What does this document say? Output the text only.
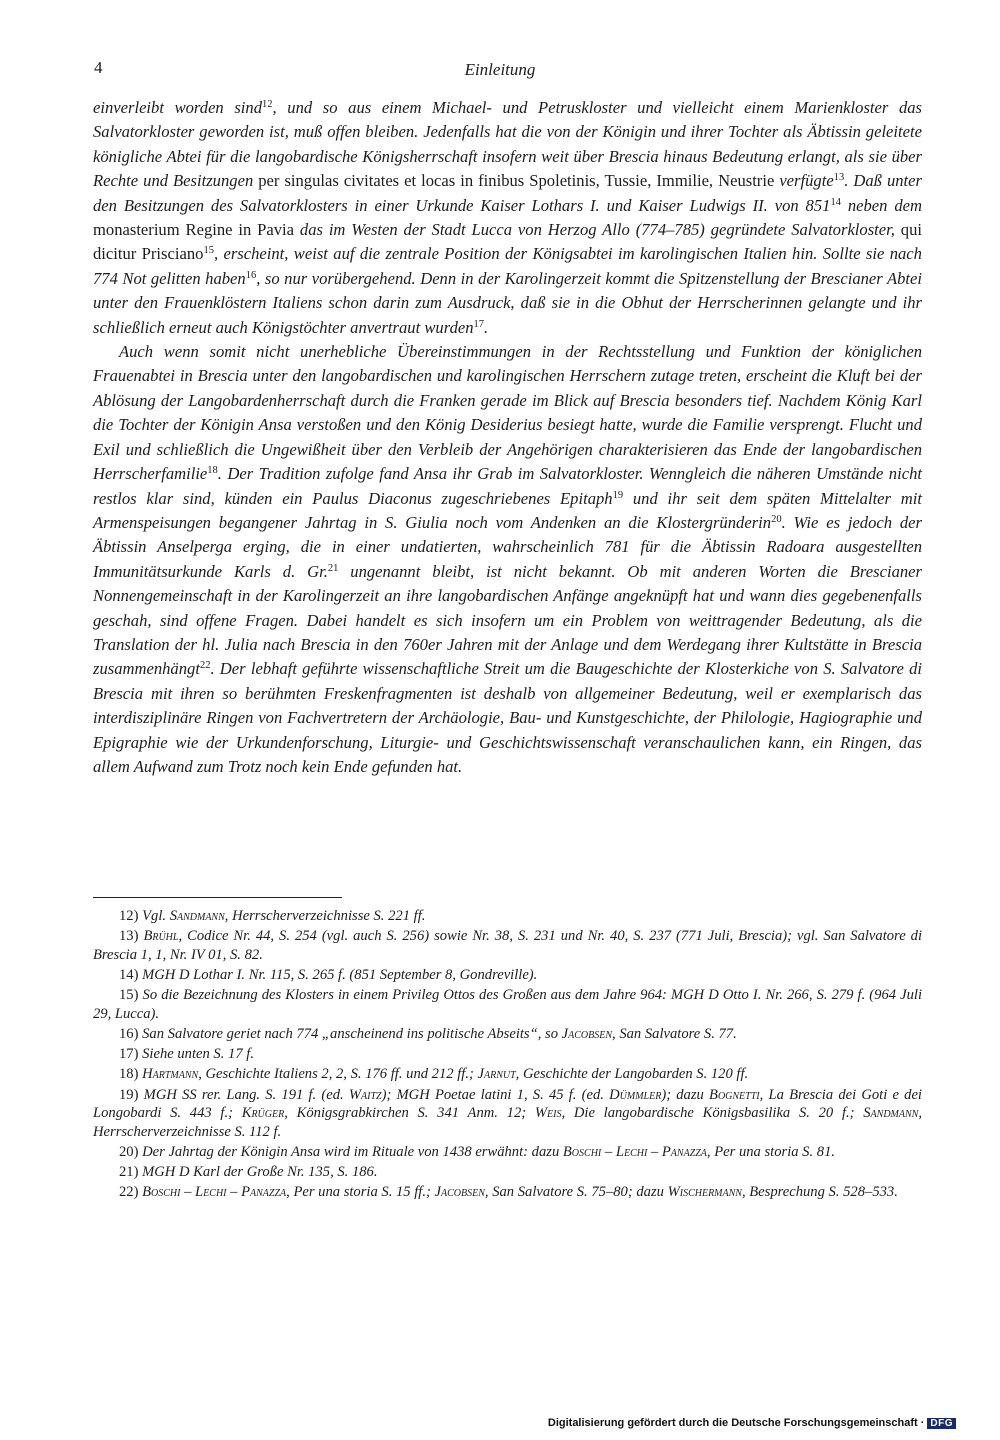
4	Einleitung

einverleibt worden sind$^{12}$, und so aus einem Michael- und Petruskloster und vielleicht einem Marienkloster das Salvatorkloster geworden ist, muß offen bleiben. Jedenfalls hat die von der Königin und ihrer Tochter als Äbtissin geleitete königliche Abtei für die langobardische Königsherrschaft insofern weit über Brescia hinaus Bedeutung erlangt, als sie über Rechte und Besitzungen per singulas civitates et locas in finibus Spoletinis, Tussie, Immilie, Neustrie verfügte$^{13}$. Daß unter den Besitzungen des Salvatorklosters in einer Urkunde Kaiser Lothars I. und Kaiser Ludwigs II. von $851^{14}$ neben dem monasterium Regine in Pavia das im Westen der Stadt Lucca von Herzog Allo (774–785) gegründete Salvatorkloster, qui dicitur Prisciano$^{15}$, erscheint, weist auf die zentrale Position der Königsabtei im karolingischen Italien hin. Sollte sie nach 774 Not gelitten haben$^{16}$, so nur vorübergehend. Denn in der Karolingerzeit kommt die Spitzenstellung der Brescianer Abtei unter den Frauenklöstern Italiens schon darin zum Ausdruck, daß sie in die Obhut der Herrscherinnen gelangte und ihr schließlich erneut auch Königstöchter anvertraut wurden$^{17}$.

Auch wenn somit nicht unerhebliche Übereinstimmungen in der Rechtsstellung und Funktion der königlichen Frauenabtei in Brescia unter den langobardischen und karolingischen Herrschern zutage treten, erscheint die Kluft bei der Ablösung der Langobardenherrschaft durch die Franken gerade im Blick auf Brescia besonders tief. Nachdem König Karl die Tochter der Königin Ansa verstoßen und den König Desiderius besiegt hatte, wurde die Familie versprengt. Flucht und Exil und schließlich die Ungewißheit über den Verbleib der Angehörigen charakterisieren das Ende der langobardischen Herrscherfamilie$^{18}$. Der Tradition zufolge fand Ansa ihr Grab im Salvatorkloster. Wenngleich die näheren Umstände nicht restlos klar sind, künden ein Paulus Diaconus zugeschriebenes Epitaph$^{19}$ und ihr seit dem späten Mittelalter mit Armenspeisungen begangener Jahrtag in S. Giulia noch vom Andenken an die Klostergründerin$^{20}$. Wie es jedoch der Äbtissin Anselperga erging, die in einer undatierten, wahrscheinlich 781 für die Äbtissin Radoara ausgestellten Immunitätsurkunde Karls d. Gr.$^{21}$ ungenannt bleibt, ist nicht bekannt. Ob mit anderen Worten die Brescianer Nonnengemeinschaft in der Karolingerzeit an ihre langobardischen Anfänge angeknüpft hat und wann dies gegebenenfalls geschah, sind offene Fragen. Dabei handelt es sich insofern um ein Problem von weittragender Bedeutung, als die Translation der hl. Julia nach Brescia in den 760er Jahren mit der Anlage und dem Werdegang ihrer Kultstätte in Brescia zusammenhängt$^{22}$. Der lebhaft geführte wissenschaftliche Streit um die Baugeschichte der Klosterkiche von S. Salvatore di Brescia mit ihren so berühmten Freskenfragmenten ist deshalb von allgemeiner Bedeutung, weil er exemplarisch das interdisziplinäre Ringen von Fachvertretern der Archäologie, Bau- und Kunstgeschichte, der Philologie, Hagiographie und Epigraphie wie der Urkundenforschung, Liturgie- und Geschichtswissenschaft veranschaulichen kann, ein Ringen, das allem Aufwand zum Trotz noch kein Ende gefunden hat.

12) Vgl. Sandmann, Herrscherverzeichnisse S. 221 ff.

13) Brühl, Codice Nr. 44, S. 254 (vgl. auch S. 256) sowie Nr. 38, S. 231 und Nr. 40, S. 237 (771 Juli, Brescia); vgl. San Salvatore di Brescia 1, 1, Nr. IV 01, S. 82.

14) MGH D Lothar I. Nr. 115, S. 265 f. (851 September 8, Gondreville).

15) So die Bezeichnung des Klosters in einem Privileg Ottos des Großen aus dem Jahre 964: MGH D Otto I. Nr. 266, S. 279 f. (964 Juli 29, Lucca).

16) San Salvatore geriet nach 774 „anscheinend ins politische Abseits“, so Jacobsen, San Salvatore S. 77.

17) Siehe unten S. 17 f.

18) Hartmann, Geschichte Italiens 2, 2, S. 176 ff. und 212 ff.; Jarnut, Geschichte der Langobarden S. 120 ff.

19) MGH SS rer. Lang. S. 191 f. (ed. Waitz); MGH Poetae latini 1, S. 45 f. (ed. Dümmler); dazu Bognetti, La Brescia dei Goti e dei Longobardi S. 443 f.; Krüger, Königsgrabkirchen S. 341 Anm. 12; Weis, Die langobardische Königsbasilika S. 20 f.; Sandmann, Herrscherverzeichnisse S. 112 f.

20) Der Jahrtag der Königin Ansa wird im Rituale von 1438 erwähnt: dazu Boschi – Lechi – Panazza, Per una storia S. 81.

21) MGH D Karl der Große Nr. 135, S. 186.

22) Boschi – Lechi – Panazza, Per una storia S. 15 ff.; Jacobsen, San Salvatore S. 75–80; dazu Wischermann, Besprechung S. 528–533.

Digitalisierung gefördert durch die Deutsche Forschungsgemeinschaft · DFG
